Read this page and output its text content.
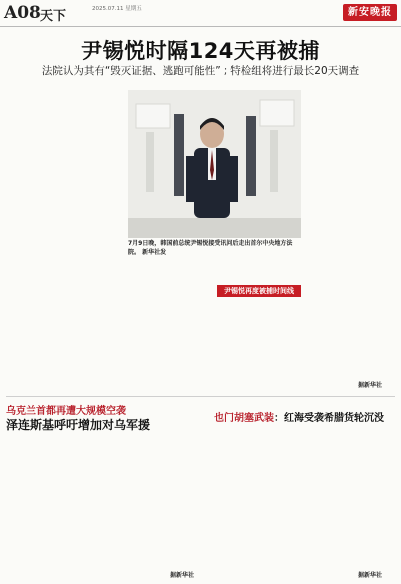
A08 天下	2025.07.11 星期五	新安晚报
尹锡悦时隔124天再被捕
法院认为其有“毁灭证据、逃跑可能性” ; 特检组将进行最长20天调查

7月9日晚，韩国前总统尹锡悦接受讯问后走出首尔中央地方法院。 新华社发

尹锡悦再度被捕时间线

据新华社
乌克兰首都再遭大规模空袭
泽连斯基呼吁增加对乌军援

据新华社
也门胡塞武装：红海受袭希腊货轮沉没

据新华社
